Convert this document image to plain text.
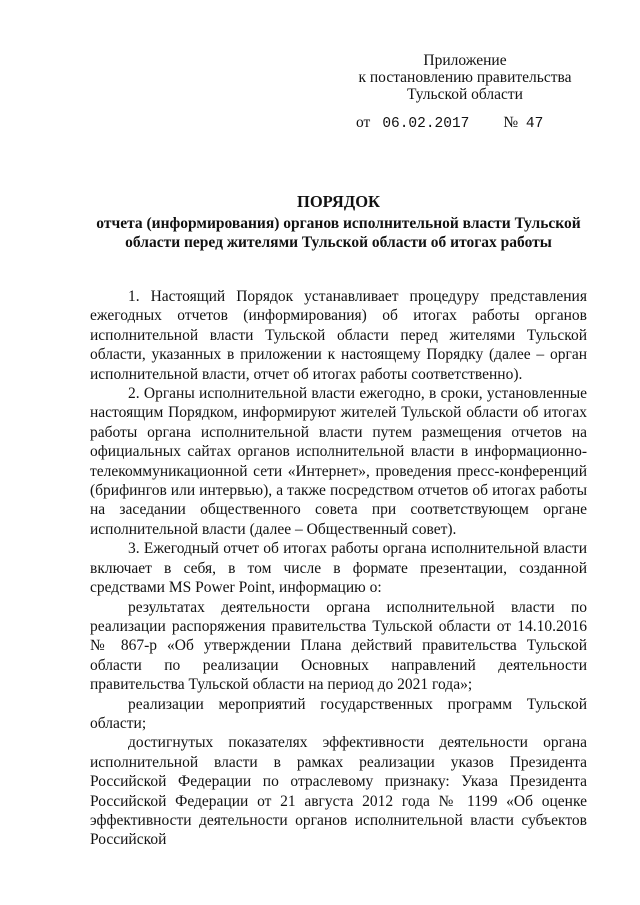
Приложение
к постановлению правительства
Тульской области
от 06.02.2017 № 47
ПОРЯДОК
отчета (информирования) органов исполнительной власти Тульской области перед жителями Тульской области об итогах работы

1. Настоящий Порядок устанавливает процедуру представления ежегодных отчетов (информирования) об итогах работы органов исполнительной власти Тульской области перед жителями Тульской области, указанных в приложении к настоящему Порядку (далее – орган исполнительной власти, отчет об итогах работы соответственно).

2. Органы исполнительной власти ежегодно, в сроки, установленные настоящим Порядком, информируют жителей Тульской области об итогах работы органа исполнительной власти путем размещения отчетов на официальных сайтах органов исполнительной власти в информационно-телекоммуникационной сети «Интернет», проведения пресс-конференций (брифингов или интервью), а также посредством отчетов об итогах работы на заседании общественного совета при соответствующем органе исполнительной власти (далее – Общественный совет).

3. Ежегодный отчет об итогах работы органа исполнительной власти включает в себя, в том числе в формате презентации, созданной средствами MS Power Point, информацию о:

результатах деятельности органа исполнительной власти по реализации распоряжения правительства Тульской области от 14.10.2016 № 867-р «Об утверждении Плана действий правительства Тульской области по реализации Основных направлений деятельности правительства Тульской области на период до 2021 года»;

реализации мероприятий государственных программ Тульской области;

достигнутых показателях эффективности деятельности органа исполнительной власти в рамках реализации указов Президента Российской Федерации по отраслевому признаку: Указа Президента Российской Федерации от 21 августа 2012 года № 1199 «Об оценке эффективности деятельности органов исполнительной власти субъектов Российской
